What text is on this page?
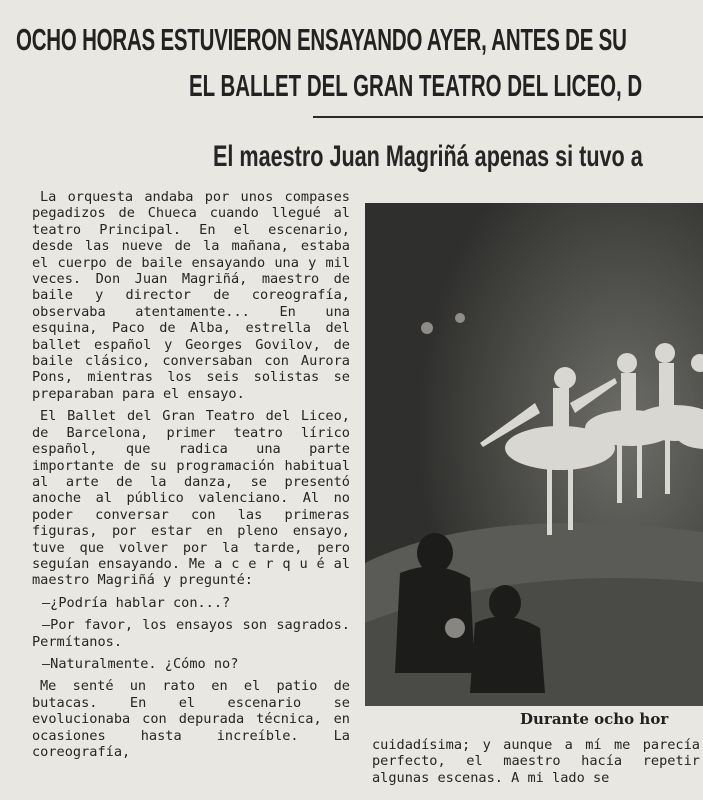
OCHO HORAS ESTUVIERON ENSAYANDO AYER, ANTES DE SU
EL BALLET DEL GRAN TEATRO DEL LICEO, D
El maestro Juan Magriñá apenas si tuvo a

La orquesta andaba por unos compases pegadizos de Chueca cuando llegué al teatro Principal. En el escenario, desde las nueve de la mañana, estaba el cuerpo de baile ensayando una y mil veces. Don Juan Magriñá, maestro de baile y director de coreografía, observaba atentamente... En una esquina, Paco de Alba, estrella del ballet español y Georges Govilov, de baile clásico, conversaban con Aurora Pons, mientras los seis solistas se preparaban para el ensayo.

El Ballet del Gran Teatro del Liceo, de Barcelona, primer teatro lírico español, que radica una parte importante de su programación habitual al arte de la danza, se presentó anoche al público valenciano. Al no poder conversar con las primeras figuras, por estar en pleno ensayo, tuve que volver por la tarde, pero seguían ensayando. Me a c e r q u é al maestro Magriñá y pregunté:

—¿Podría hablar con...?

—Por favor, los ensayos son sagrados. Permítanos.

—Naturalmente. ¿Cómo no?

Me senté un rato en el patio de butacas. En el escenario se evolucionaba con depurada técnica, en ocasiones hasta increíble. La coreografía,

Durante ocho hor

cuidadísima; y aunque a mí me parecía perfecto, el maestro hacía repetir algunas escenas. A mi lado se
